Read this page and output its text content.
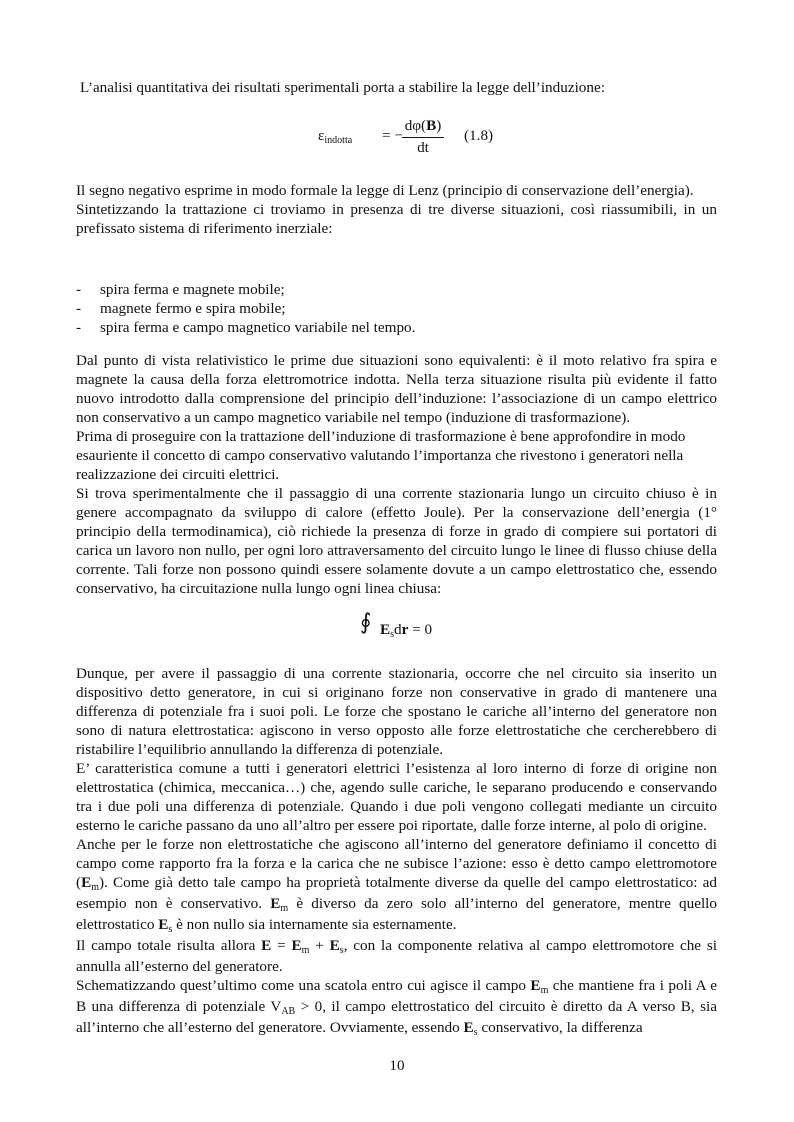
L’analisi quantitativa dei risultati sperimentali porta a stabilire la legge dell’induzione:

εindotta = −
dφ(B)
dt
(1.8)

Il segno negativo esprime in modo formale la legge di Lenz (principio di conservazione dell’energia).

Sintetizzando la trattazione ci troviamo in presenza di tre diverse situazioni, così riassumibili, in un prefissato sistema di riferimento inerziale:

- spira ferma e magnete mobile;
- magnete fermo e spira mobile;
- spira ferma e campo magnetico variabile nel tempo.

Dal punto di vista relativistico le prime due situazioni sono equivalenti: è il moto relativo fra spira e magnete la causa della forza elettromotrice indotta. Nella terza situazione risulta più evidente il fatto nuovo introdotto dalla comprensione del principio dell’induzione: l’associazione di un campo elettrico non conservativo a un campo magnetico variabile nel tempo (induzione di trasformazione).

Prima di proseguire con la trattazione dell’induzione di trasformazione è bene approfondire in modo esauriente il concetto di campo conservativo valutando l’importanza che rivestono i generatori nella realizzazione dei circuiti elettrici.

Si trova sperimentalmente che il passaggio di una corrente stazionaria lungo un circuito chiuso è in genere accompagnato da sviluppo di calore (effetto Joule). Per la conservazione dell’energia (1° principio della termodinamica), ciò richiede la presenza di forze in grado di compiere sui portatori di carica un lavoro non nullo, per ogni loro attraversamento del circuito lungo le linee di flusso chiuse della corrente. Tali forze non possono quindi essere solamente dovute a un campo elettrostatico che, essendo conservativo, ha circuitazione nulla lungo ogni linea chiusa:

∮ Esdr = 0

Dunque, per avere il passaggio di una corrente stazionaria, occorre che nel circuito sia inserito un dispositivo detto generatore, in cui si originano forze non conservative in grado di mantenere una differenza di potenziale fra i suoi poli. Le forze che spostano le cariche all’interno del generatore non sono di natura elettrostatica: agiscono in verso opposto alle forze elettrostatiche che cercherebbero di ristabilire l’equilibrio annullando la differenza di potenziale.

E’ caratteristica comune a tutti i generatori elettrici l’esistenza al loro interno di forze di origine non elettrostatica (chimica, meccanica…) che, agendo sulle cariche, le separano producendo e conservando tra i due poli una differenza di potenziale. Quando i due poli vengono collegati mediante un circuito esterno le cariche passano da uno all’altro per essere poi riportate, dalle forze interne, al polo di origine.

Anche per le forze non elettrostatiche che agiscono all’interno del generatore definiamo il concetto di campo come rapporto fra la forza e la carica che ne subisce l’azione: esso è detto campo elettromotore (Em). Come già detto tale campo ha proprietà totalmente diverse da quelle del campo elettrostatico: ad esempio non è conservativo. Em è diverso da zero solo all’interno del generatore, mentre quello elettrostatico Es è non nullo sia internamente sia esternamente.

Il campo totale risulta allora E = Em + Es, con la componente relativa al campo elettromotore che si annulla all’esterno del generatore.

Schematizzando quest’ultimo come una scatola entro cui agisce il campo Em che mantiene fra i poli A e B una differenza di potenziale VAB > 0, il campo elettrostatico del circuito è diretto da A verso B, sia all’interno che all’esterno del generatore. Ovviamente, essendo Es conservativo, la differenza

10
